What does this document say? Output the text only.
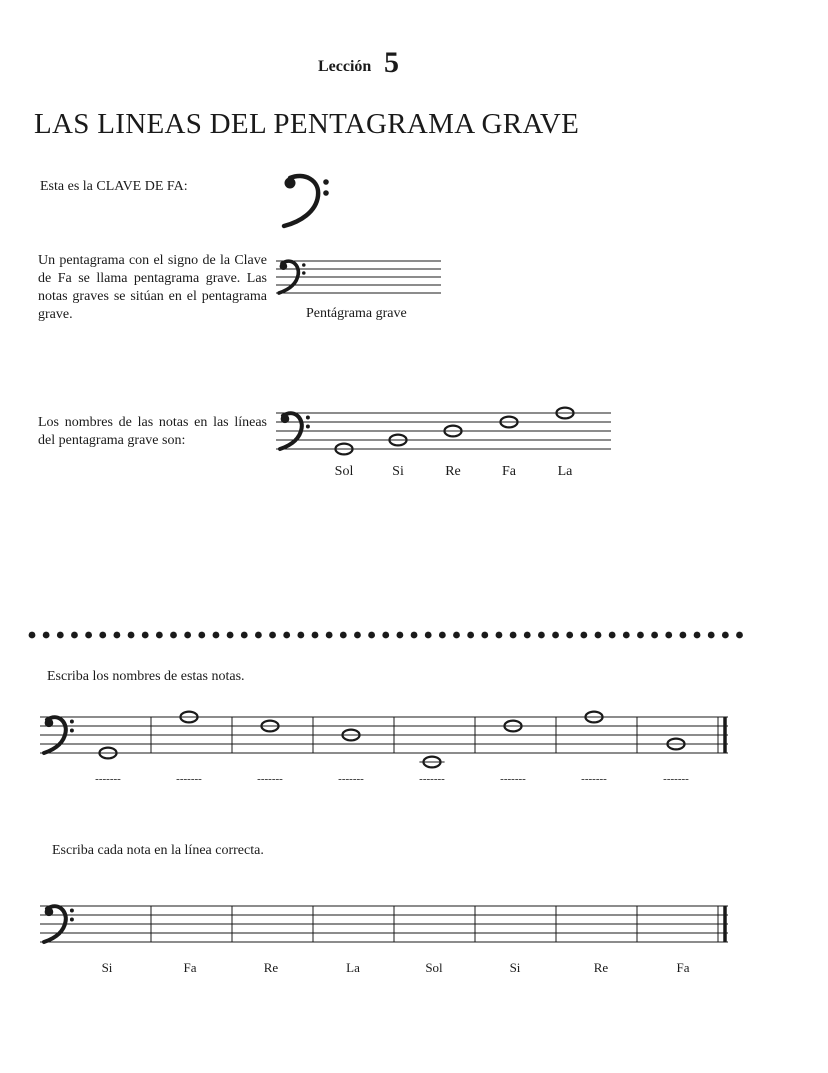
Lección 5
LAS LINEAS DEL PENTAGRAMA GRAVE
Esta es la CLAVE DE FA:
Un pentagrama con el signo de la Clave de Fa se llama pentagrama grave. Las notas graves se sitúan en el pentagrama grave.	Pentágrama grave
Los nombres de las notas en las líneas del pentagrama grave son:
Sol	Si	Re	Fa	La
Escriba los nombres de estas notas.
-------	-------	-------	-------	-------	-------	-------	-------
Escriba cada nota en la línea correcta.
Si	Fa	Re	La	Sol	Si	Re	Fa
